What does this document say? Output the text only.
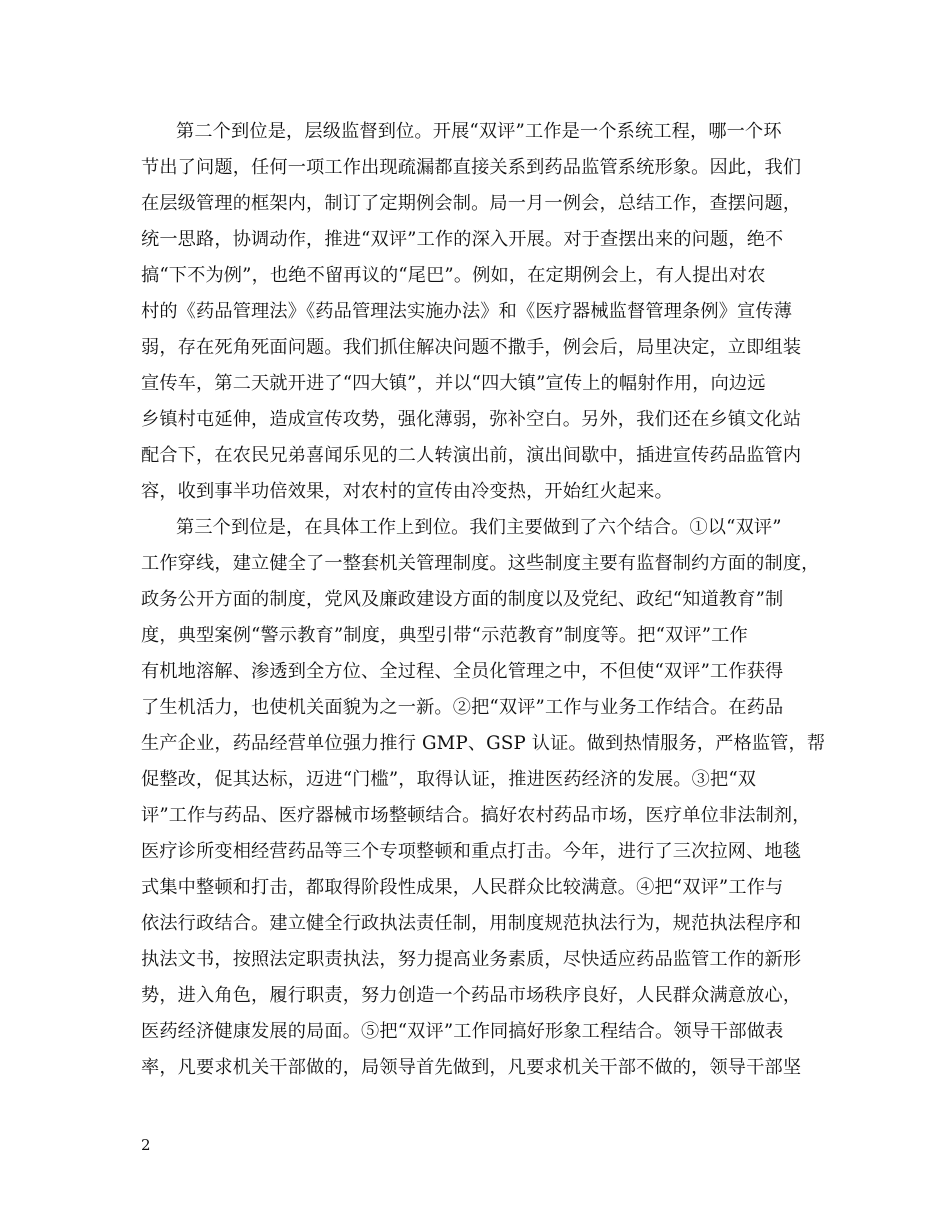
第二个到位是，层级监督到位。开展“双评”工作是一个系统工程，哪一个环
节出了问题，任何一项工作出现疏漏都直接关系到药品监管系统形象。因此，我们
在层级管理的框架内，制订了定期例会制。局一月一例会，总结工作，查摆问题，
统一思路，协调动作，推进“双评”工作的深入开展。对于查摆出来的问题，绝不
搞“下不为例”，也绝不留再议的“尾巴”。例如，在定期例会上，有人提出对农
村的《药品管理法》《药品管理法实施办法》和《医疗器械监督管理条例》宣传薄
弱，存在死角死面问题。我们抓住解决问题不撒手，例会后，局里决定，立即组装
宣传车，第二天就开进了“四大镇”，并以“四大镇”宣传上的幅射作用，向边远
乡镇村屯延伸，造成宣传攻势，强化薄弱，弥补空白。另外，我们还在乡镇文化站
配合下，在农民兄弟喜闻乐见的二人转演出前，演出间歇中，插进宣传药品监管内
容，收到事半功倍效果，对农村的宣传由冷变热，开始红火起来。
第三个到位是，在具体工作上到位。我们主要做到了六个结合。①以“双评”
工作穿线，建立健全了一整套机关管理制度。这些制度主要有监督制约方面的制度，
政务公开方面的制度，党风及廉政建设方面的制度以及党纪、政纪“知道教育”制
度，典型案例“警示教育”制度，典型引带“示范教育”制度等。把“双评”工作
有机地溶解、渗透到全方位、全过程、全员化管理之中，不但使“双评”工作获得
了生机活力，也使机关面貌为之一新。②把“双评”工作与业务工作结合。在药品
生产企业，药品经营单位强力推行 GMP、GSP 认证。做到热情服务，严格监管，帮
促整改，促其达标，迈进“门槛”，取得认证，推进医药经济的发展。③把“双
评”工作与药品、医疗器械市场整顿结合。搞好农村药品市场，医疗单位非法制剂，
医疗诊所变相经营药品等三个专项整顿和重点打击。今年，进行了三次拉网、地毯
式集中整顿和打击，都取得阶段性成果，人民群众比较满意。④把“双评”工作与
依法行政结合。建立健全行政执法责任制，用制度规范执法行为，规范执法程序和
执法文书，按照法定职责执法，努力提高业务素质，尽快适应药品监管工作的新形
势，进入角色，履行职责，努力创造一个药品市场秩序良好，人民群众满意放心，
医药经济健康发展的局面。⑤把“双评”工作同搞好形象工程结合。领导干部做表
率，凡要求机关干部做的，局领导首先做到，凡要求机关干部不做的，领导干部坚
2
